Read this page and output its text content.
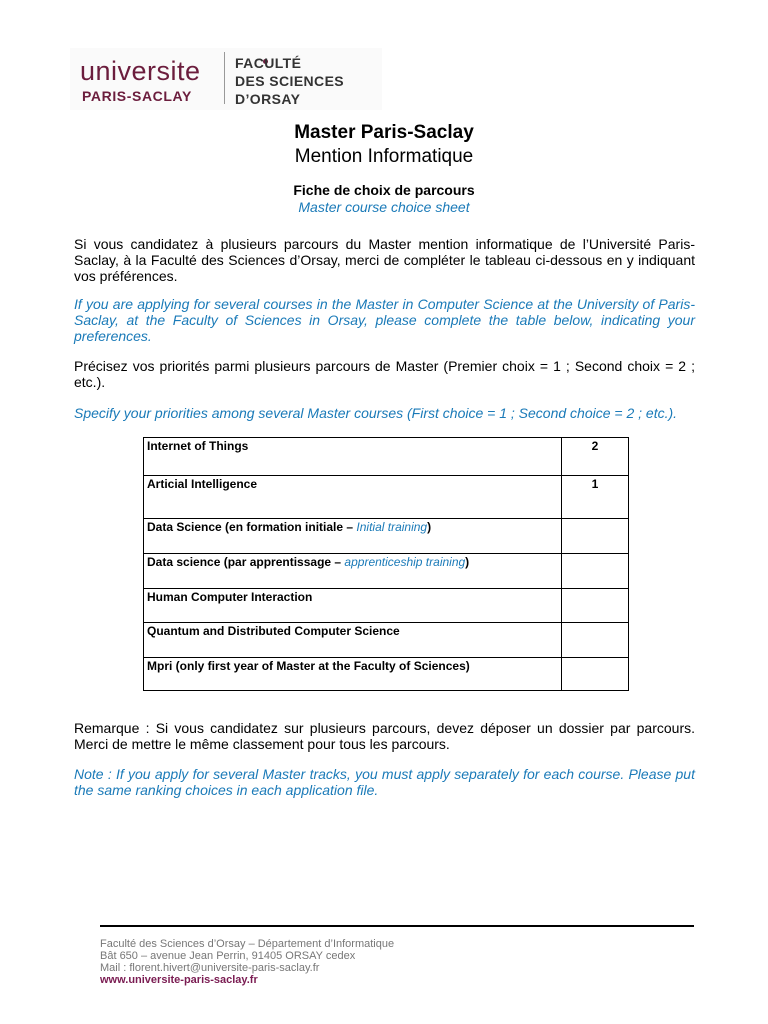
universite
PARIS-SACLAY
FACULTÉ
DES SCIENCES
D’ORSAY
Master Paris-Saclay
Mention Informatique
Fiche de choix de parcours
Master course choice sheet
Si vous candidatez à plusieurs parcours du Master mention informatique de l’Université Paris-Saclay, à la Faculté des Sciences d’Orsay, merci de compléter le tableau ci-dessous en y indiquant vos préférences.
If you are applying for several courses in the Master in Computer Science at the University of Paris-Saclay, at the Faculty of Sciences in Orsay, please complete the table below, indicating your preferences.
Précisez vos priorités parmi plusieurs parcours de Master (Premier choix = 1 ; Second choix = 2 ; etc.).
Specify your priorities among several Master courses (First choice = 1 ; Second choice = 2 ; etc.).
Internet of Things	2
Articial Intelligence	1
Data Science (en formation initiale – Initial training)	
Data science (par apprentissage – apprenticeship training)	
Human Computer Interaction	
Quantum and Distributed Computer Science	
Mpri (only first year of Master at the Faculty of Sciences)	
Remarque : Si vous candidatez sur plusieurs parcours, devez déposer un dossier par parcours. Merci de mettre le même classement pour tous les parcours.
Note : If you apply for several Master tracks, you must apply separately for each course. Please put the same ranking choices in each application file.
Faculté des Sciences d’Orsay – Département d’Informatique
Bât 650 – avenue Jean Perrin, 91405 ORSAY cedex
Mail : florent.hivert@universite-paris-saclay.fr
www.universite-paris-saclay.fr
